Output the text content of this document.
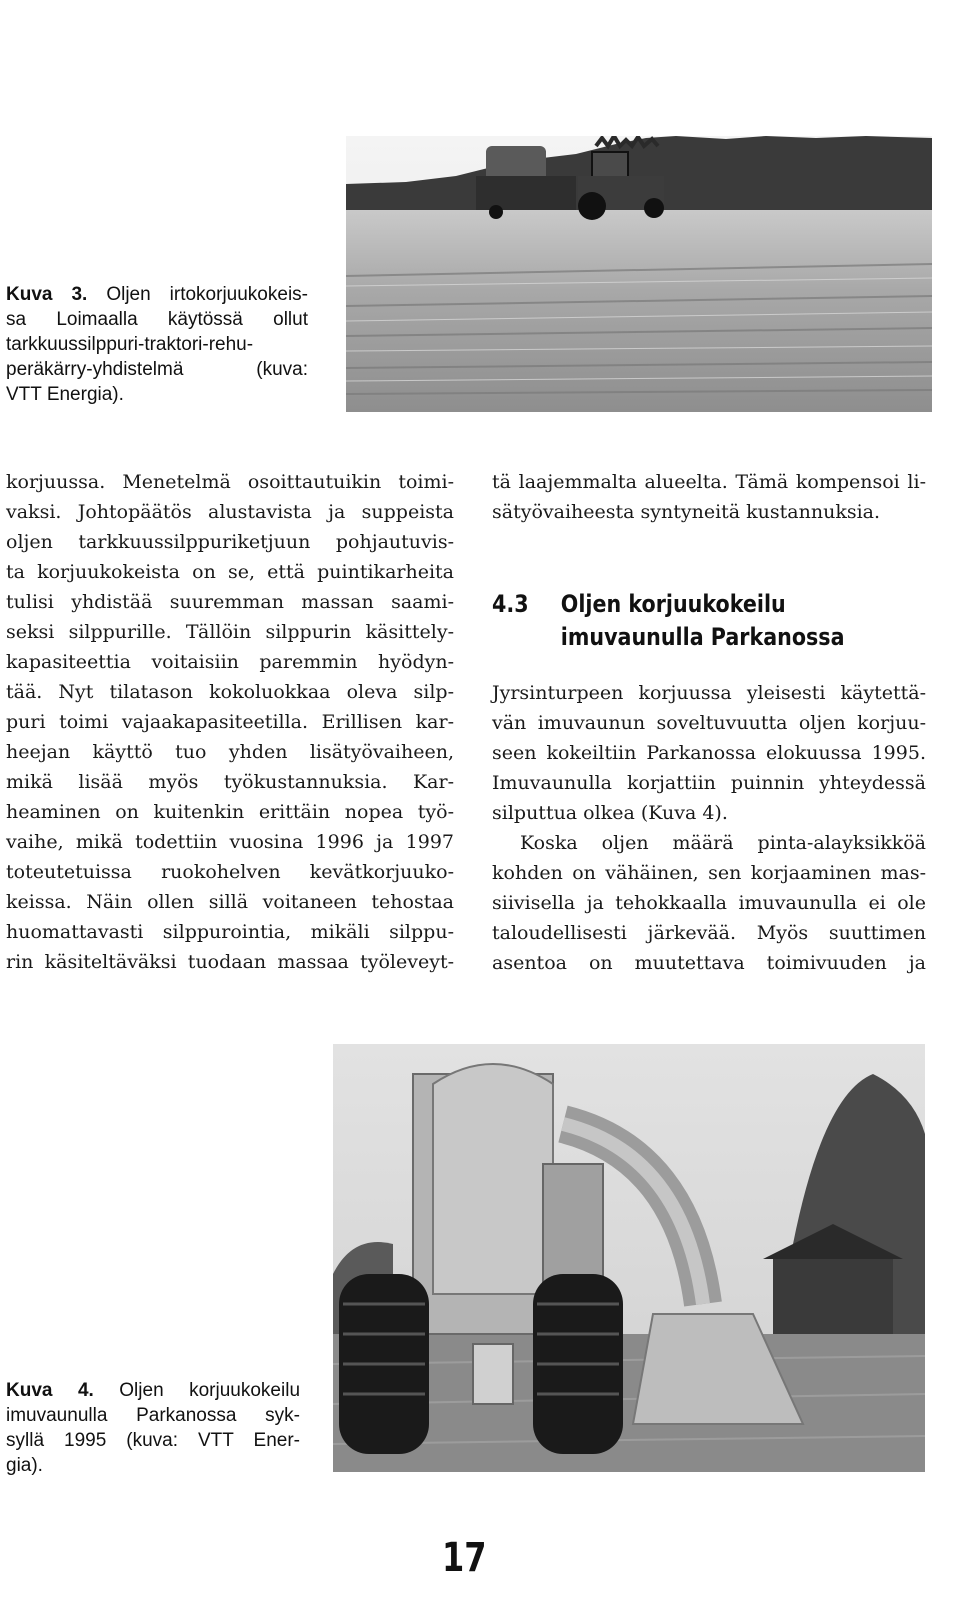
Kuva 3. Oljen irtokorjuukokeis-
sa Loimaalla käytössä ollut
tarkkuussilppuri-traktori-rehu-
peräkärry-yhdistelmä (kuva:
VTT Energia).
korjuussa. Menetelmä osoittautuikin toimi-
vaksi. Johtopäätös alustavista ja suppeista
oljen tarkkuussilppuriketjuun pohjautuvis-
ta korjuukokeista on se, että puintikarheita
tulisi yhdistää suuremman massan saami-
seksi silppurille. Tällöin silppurin käsittely-
kapasiteettia voitaisiin paremmin hyödyn-
tää. Nyt tilatason kokoluokkaa oleva silp-
puri toimi vajaakapasiteetilla. Erillisen kar-
heejan käyttö tuo yhden lisätyövaiheen,
mikä lisää myös työkustannuksia. Kar-
heaminen on kuitenkin erittäin nopea työ-
vaihe, mikä todettiin vuosina 1996 ja 1997
toteutetuissa ruokohelven kevätkorjuuko-
keissa. Näin ollen sillä voitaneen tehostaa
huomattavasti silppurointia, mikäli silppu-
rin käsiteltäväksi tuodaan massaa työleveyt-
tä laajemmalta alueelta. Tämä kompensoi li-
sätyövaiheesta syntyneitä kustannuksia.
4.3 Oljen korjuukokeilu
imuvaunulla Parkanossa
Jyrsinturpeen korjuussa yleisesti käytettä-
vän imuvaunun soveltuvuutta oljen korjuu-
seen kokeiltiin Parkanossa elokuussa 1995.
Imuvaunulla korjattiin puinnin yhteydessä
silputtua olkea (Kuva 4).
Koska oljen määrä pinta-alayksikköä
kohden on vähäinen, sen korjaaminen mas-
siivisella ja tehokkaalla imuvaunulla ei ole
taloudellisesti järkevää. Myös suuttimen
asentoa on muutettava toimivuuden ja
Kuva 4. Oljen korjuukokeilu
imuvaunulla Parkanossa syk-
syllä 1995 (kuva: VTT Ener-
gia).
17
